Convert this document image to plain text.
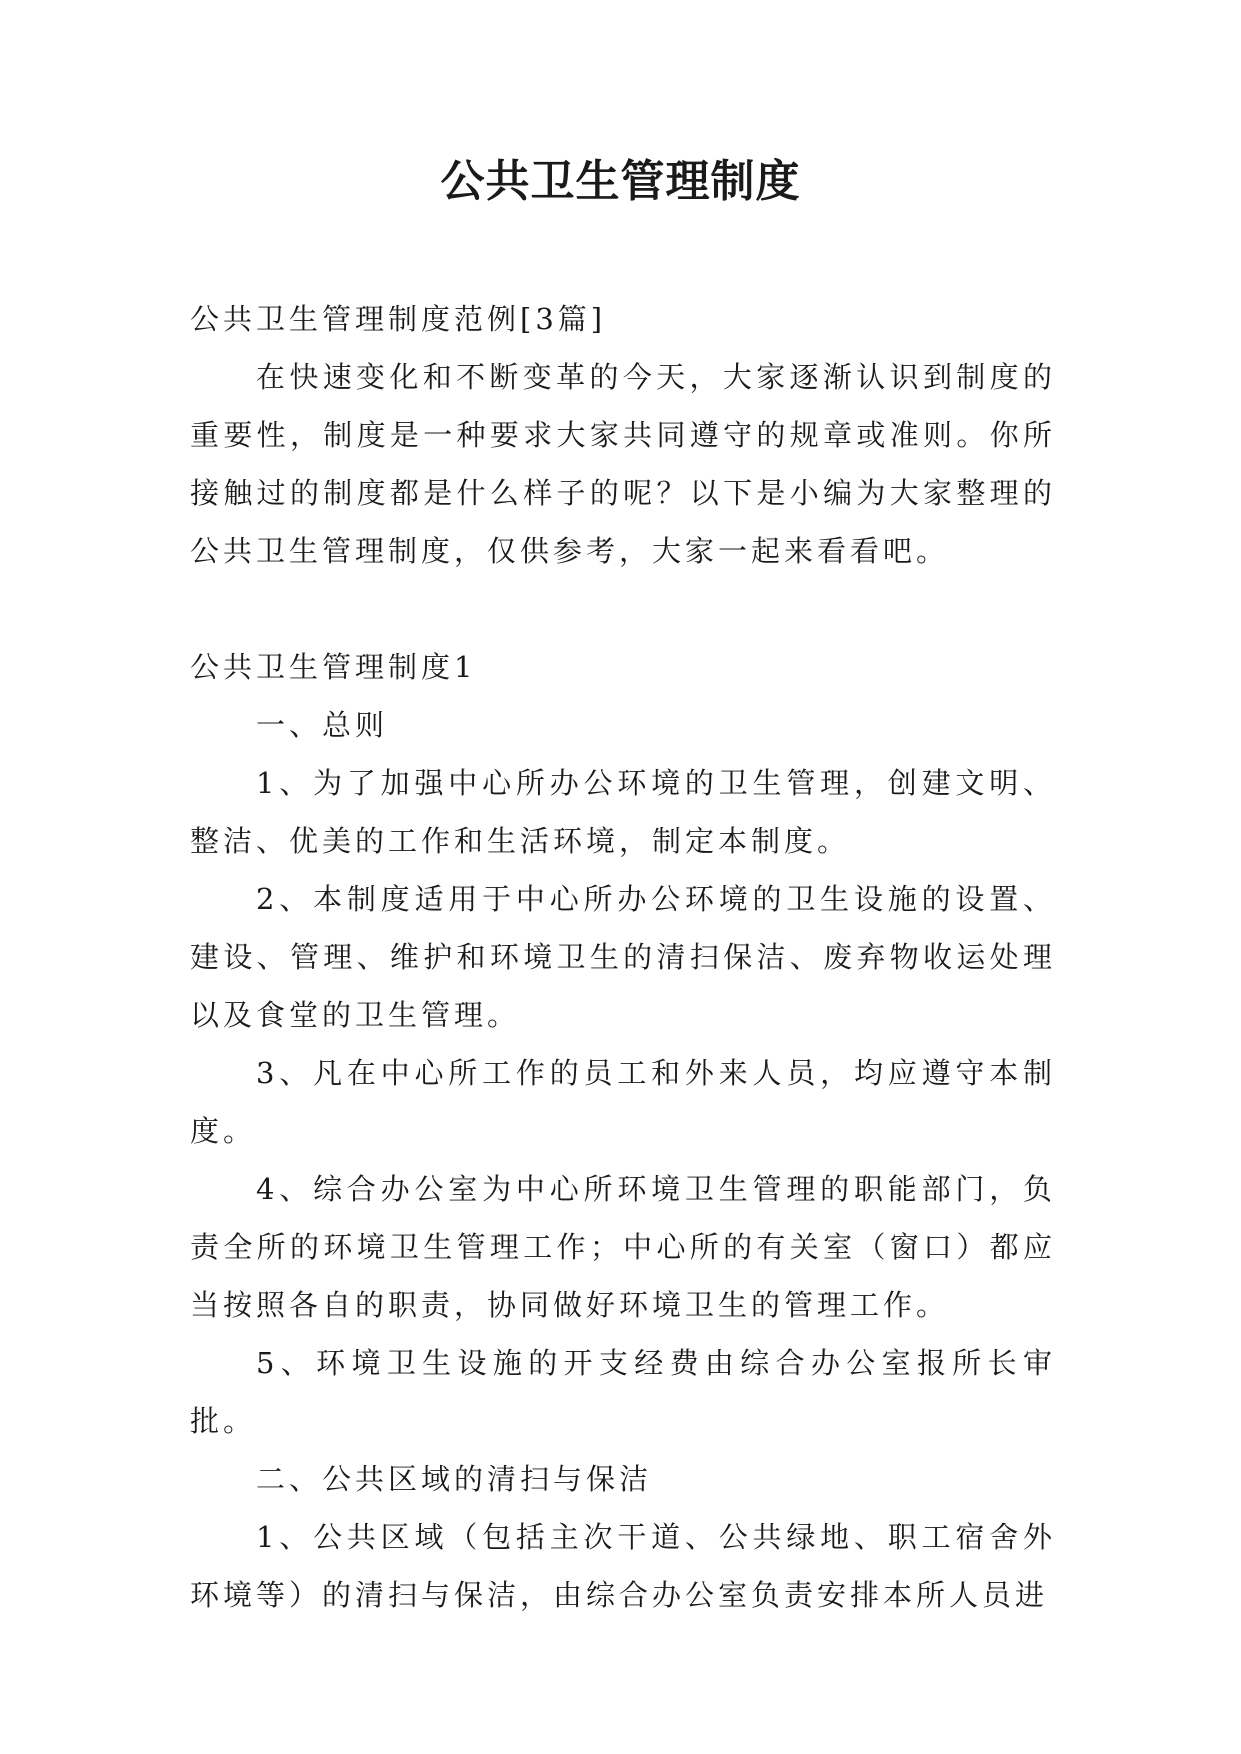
公共卫生管理制度

公共卫生管理制度范例[3篇]

在快速变化和不断变革的今天，大家逐渐认识到制度的重要性，制度是一种要求大家共同遵守的规章或准则。你所接触过的制度都是什么样子的呢？以下是小编为大家整理的公共卫生管理制度，仅供参考，大家一起来看看吧。

公共卫生管理制度1

一、总则

1、为了加强中心所办公环境的卫生管理，创建文明、整洁、优美的工作和生活环境，制定本制度。

2、本制度适用于中心所办公环境的卫生设施的设置、建设、管理、维护和环境卫生的清扫保洁、废弃物收运处理以及食堂的卫生管理。

3、凡在中心所工作的员工和外来人员，均应遵守本制度。

4、综合办公室为中心所环境卫生管理的职能部门，负责全所的环境卫生管理工作；中心所的有关室（窗口）都应当按照各自的职责，协同做好环境卫生的管理工作。

5、环境卫生设施的开支经费由综合办公室报所长审批。

二、公共区域的清扫与保洁

1、公共区域（包括主次干道、公共绿地、职工宿舍外环境等）的清扫与保洁，由综合办公室负责安排本所人员进
